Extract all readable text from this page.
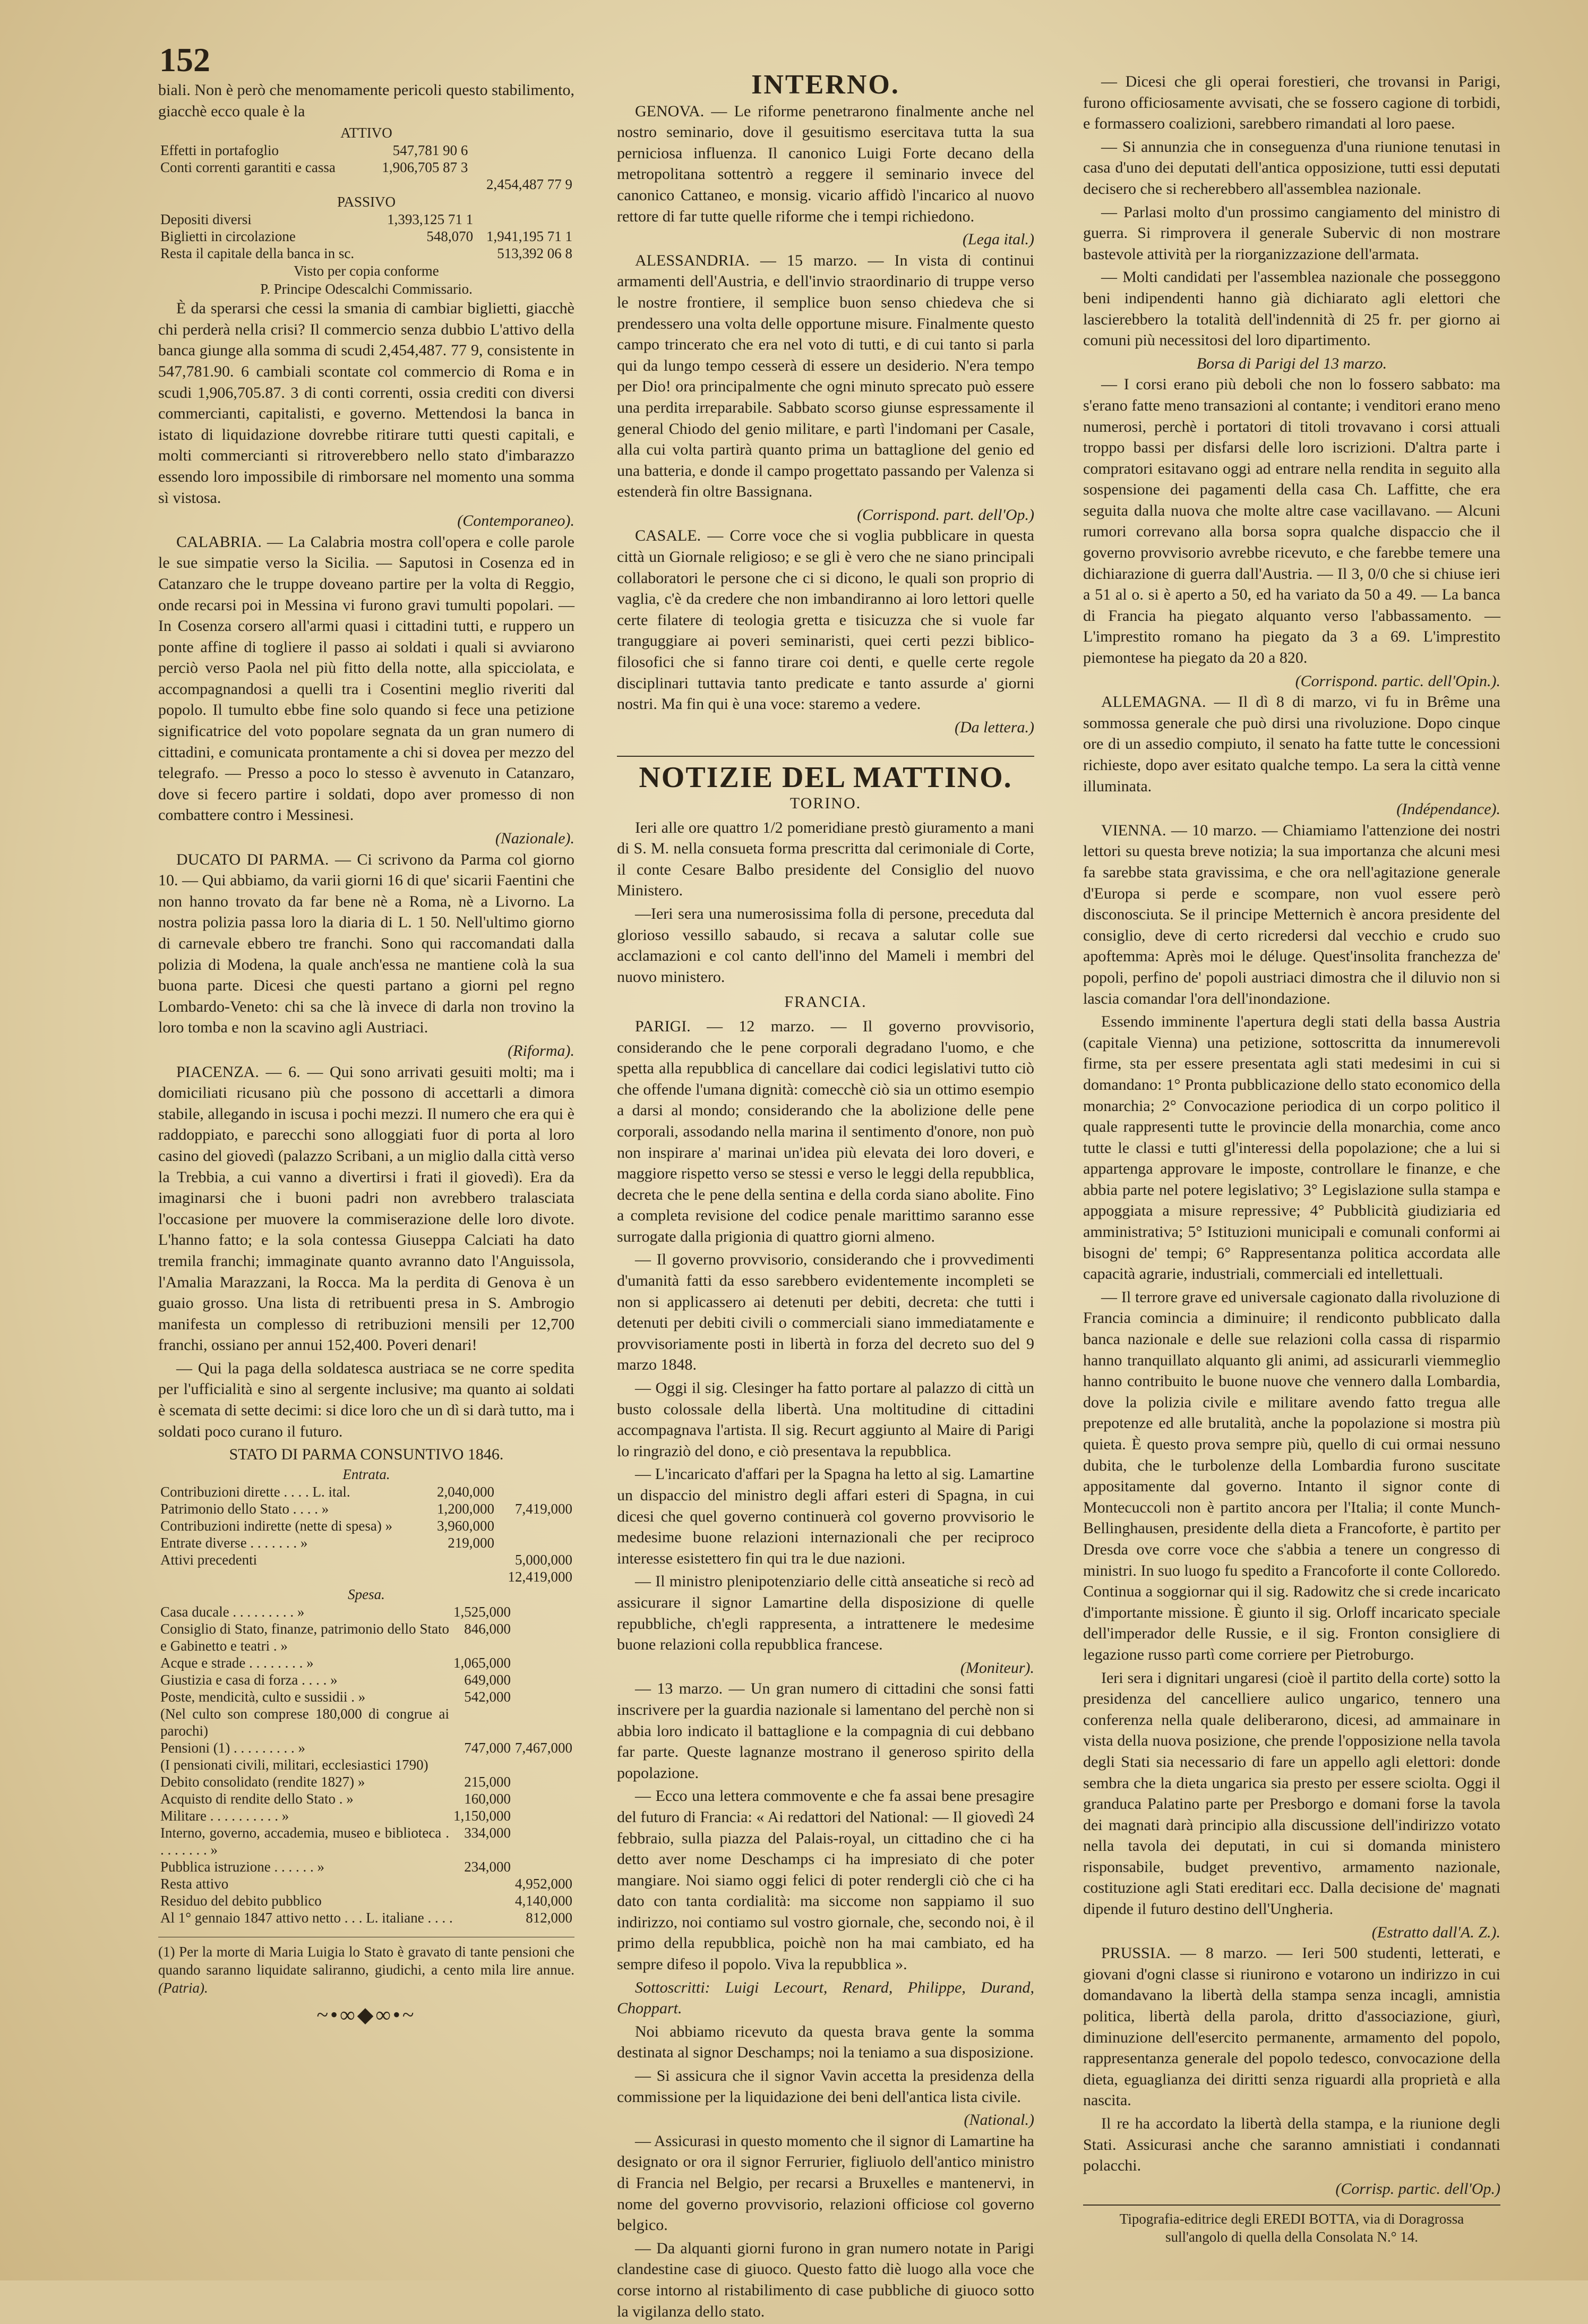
152

biali. Non è però che menomamente pericoli questo stabilimento, giacchè ecco quale è la

ATTIVO
Effetti in portafoglio	547,781 90 6	
Conti correnti garantiti e cassa	1,906,705 87 3	
		2,454,487 77 9
PASSIVO
Depositi diversi	1,393,125 71 1	
Biglietti in circolazione	548,070	1,941,195 71 1
Resta il capitale della banca in sc.		513,392 06 8
Visto per copia conforme
P. Principe Odescalchi Commissario.

È da sperarsi che cessi la smania di cambiar biglietti, giacchè chi perderà nella crisi? Il commercio senza dubbio L'attivo della banca giunge alla somma di scudi 2,454,487. 77 9, consistente in 547,781.90. 6 cambiali scontate col commercio di Roma e in scudi 1,906,705.87. 3 di conti correnti, ossia crediti con diversi commercianti, capitalisti, e governo. Mettendosi la banca in istato di liquidazione dovrebbe ritirare tutti questi capitali, e molti commercianti si ritroverebbero nello stato d'imbarazzo essendo loro impossibile di rimborsare nel momento una somma sì vistosa.

(Contemporaneo).

CALABRIA. — La Calabria mostra coll'opera e colle parole le sue simpatie verso la Sicilia. — Saputosi in Cosenza ed in Catanzaro che le truppe doveano partire per la volta di Reggio, onde recarsi poi in Messina vi furono gravi tumulti popolari. — In Cosenza corsero all'armi quasi i cittadini tutti, e ruppero un ponte affine di togliere il passo ai soldati i quali si avviarono perciò verso Paola nel più fitto della notte, alla spicciolata, e accompagnandosi a quelli tra i Cosentini meglio riveriti dal popolo. Il tumulto ebbe fine solo quando si fece una petizione significatrice del voto popolare segnata da un gran numero di cittadini, e comunicata prontamente a chi si dovea per mezzo del telegrafo. — Presso a poco lo stesso è avvenuto in Catanzaro, dove si fecero partire i soldati, dopo aver promesso di non combattere contro i Messinesi.

(Nazionale).

DUCATO DI PARMA. — Ci scrivono da Parma col giorno 10. — Qui abbiamo, da varii giorni 16 di que' sicarii Faentini che non hanno trovato da far bene nè a Roma, nè a Livorno. La nostra polizia passa loro la diaria di L. 1 50. Nell'ultimo giorno di carnevale ebbero tre franchi. Sono qui raccomandati dalla polizia di Modena, la quale anch'essa ne mantiene colà la sua buona parte. Dicesi che questi partano a giorni pel regno Lombardo-Veneto: chi sa che là invece di darla non trovino la loro tomba e non la scavino agli Austriaci.

(Riforma).

PIACENZA. — 6. — Qui sono arrivati gesuiti molti; ma i domiciliati ricusano più che possono di accettarli a dimora stabile, allegando in iscusa i pochi mezzi. Il numero che era qui è raddoppiato, e parecchi sono alloggiati fuor di porta al loro casino del giovedì (palazzo Scribani, a un miglio dalla città verso la Trebbia, a cui vanno a divertirsi i frati il giovedì). Era da imaginarsi che i buoni padri non avrebbero tralasciata l'occasione per muovere la commiserazione delle loro divote. L'hanno fatto; e la sola contessa Giuseppa Calciati ha dato tremila franchi; immaginate quanto avranno dato l'Anguissola, l'Amalia Marazzani, la Rocca. Ma la perdita di Genova è un guaio grosso. Una lista di retribuenti presa in S. Ambrogio manifesta un complesso di retribuzioni mensili per 12,700 franchi, ossiano per annui 152,400. Poveri denari!

— Qui la paga della soldatesca austriaca se ne corre spedita per l'ufficialità e sino al sergente inclusive; ma quanto ai soldati è scemata di sette decimi: si dice loro che un dì si darà tutto, ma i soldati poco curano il futuro.

STATO DI PARMA CONSUNTIVO 1846.
Entrata.
Contribuzioni dirette . . . . L. ital.	2,040,000	
Patrimonio dello Stato . . . . »	1,200,000	7,419,000
Contribuzioni indirette (nette di spesa) »	3,960,000	
Entrate diverse . . . . . . . »	219,000	
Attivi precedenti		5,000,000
		12,419,000
Spesa.
Casa ducale . . . . . . . . . »	1,525,000	
Consiglio di Stato, finanze, patrimonio dello Stato e Gabinetto e teatri . »	846,000	
Acque e strade . . . . . . . . »	1,065,000	
Giustizia e casa di forza . . . . »	649,000	
Poste, mendicità, culto e sussidii . »	542,000	
(Nel culto son comprese 180,000 di congrue ai parochi)		
Pensioni (1) . . . . . . . . . »	747,000	7,467,000
(I pensionati civili, militari, ecclesiastici 1790)		
Debito consolidato (rendite 1827) »	215,000	
Acquisto di rendite dello Stato . »	160,000	
Militare . . . . . . . . . . »	1,150,000	
Interno, governo, accademia, museo e biblioteca . . . . . . . . »	334,000	
Pubblica istruzione . . . . . . »	234,000	
Resta attivo		4,952,000
Residuo del debito pubblico		4,140,000
Al 1° gennaio 1847 attivo netto . . . L. italiane . . . .		812,000
(1) Per la morte di Maria Luigia lo Stato è gravato di tante pensioni che quando saranno liquidate saliranno, giudichi, a cento mila lire annue. (Patria).
~•∞◆∞•~
INTERNO.

GENOVA. — Le riforme penetrarono finalmente anche nel nostro seminario, dove il gesuitismo esercitava tutta la sua perniciosa influenza. Il canonico Luigi Forte decano della metropolitana sottentrò a reggere il seminario invece del canonico Cattaneo, e monsig. vicario affidò l'incarico al nuovo rettore di far tutte quelle riforme che i tempi richiedono.

(Lega ital.)

ALESSANDRIA. — 15 marzo. — In vista di continui armamenti dell'Austria, e dell'invio straordinario di truppe verso le nostre frontiere, il semplice buon senso chiedeva che si prendessero una volta delle opportune misure. Finalmente questo campo trincerato che era nel voto di tutti, e di cui tanto si parla qui da lungo tempo cesserà di essere un desiderio. N'era tempo per Dio! ora principalmente che ogni minuto sprecato può essere una perdita irreparabile. Sabbato scorso giunse espressamente il general Chiodo del genio militare, e partì l'indomani per Casale, alla cui volta partirà quanto prima un battaglione del genio ed una batteria, e donde il campo progettato passando per Valenza si estenderà fin oltre Bassignana.

(Corrispond. part. dell'Op.)

CASALE. — Corre voce che si voglia pubblicare in questa città un Giornale religioso; e se gli è vero che ne siano principali collaboratori le persone che ci si dicono, le quali son proprio di vaglia, c'è da credere che non imbandiranno ai loro lettori quelle certe filatere di teologia gretta e tisicuzza che si vuole far tranguggiare ai poveri seminaristi, quei certi pezzi biblico-filosofici che si fanno tirare coi denti, e quelle certe regole disciplinari tuttavia tanto predicate e tanto assurde a' giorni nostri. Ma fin qui è una voce: staremo a vedere.

(Da lettera.)
NOTIZIE DEL MATTINO.
TORINO.

Ieri alle ore quattro 1/2 pomeridiane prestò giuramento a mani di S. M. nella consueta forma prescritta dal cerimoniale di Corte, il conte Cesare Balbo presidente del Consiglio del nuovo Ministero.

—Ieri sera una numerosissima folla di persone, preceduta dal glorioso vessillo sabaudo, si recava a salutar colle sue acclamazioni e col canto dell'inno del Mameli i membri del nuovo ministero.

FRANCIA.

PARIGI. — 12 marzo. — Il governo provvisorio, considerando che le pene corporali degradano l'uomo, e che spetta alla repubblica di cancellare dai codici legislativi tutto ciò che offende l'umana dignità: comecchè ciò sia un ottimo esempio a darsi al mondo; considerando che la abolizione delle pene corporali, assodando nella marina il sentimento d'onore, non può non inspirare a' marinai un'idea più elevata dei loro doveri, e maggiore rispetto verso se stessi e verso le leggi della repubblica, decreta che le pene della sentina e della corda siano abolite. Fino a completa revisione del codice penale marittimo saranno esse surrogate dalla prigionia di quattro giorni almeno.

— Il governo provvisorio, considerando che i provvedimenti d'umanità fatti da esso sarebbero evidentemente incompleti se non si applicassero ai detenuti per debiti, decreta: che tutti i detenuti per debiti civili o commerciali siano immediatamente e provvisoriamente posti in libertà in forza del decreto suo del 9 marzo 1848.

— Oggi il sig. Clesinger ha fatto portare al palazzo di città un busto colossale della libertà. Una moltitudine di cittadini accompagnava l'artista. Il sig. Recurt aggiunto al Maire di Parigi lo ringraziò del dono, e ciò presentava la repubblica.

— L'incaricato d'affari per la Spagna ha letto al sig. Lamartine un dispaccio del ministro degli affari esteri di Spagna, in cui dicesi che quel governo continuerà col governo provvisorio le medesime buone relazioni internazionali che per reciproco interesse esistettero fin qui tra le due nazioni.

— Il ministro plenipotenziario delle città anseatiche si recò ad assicurare il signor Lamartine della disposizione di quelle repubbliche, ch'egli rappresenta, a intrattenere le medesime buone relazioni colla repubblica francese.

(Moniteur).

— 13 marzo. — Un gran numero di cittadini che sonsi fatti inscrivere per la guardia nazionale si lamentano del perchè non si abbia loro indicato il battaglione e la compagnia di cui debbano far parte. Queste lagnanze mostrano il generoso spirito della popolazione.

— Ecco una lettera commovente e che fa assai bene presagire del futuro di Francia: « Ai redattori del National: — Il giovedì 24 febbraio, sulla piazza del Palais-royal, un cittadino che ci ha detto aver nome Deschamps ci ha impresiato di che poter mangiare. Noi siamo oggi felici di poter rendergli ciò che ci ha dato con tanta cordialità: ma siccome non sappiamo il suo indirizzo, noi contiamo sul vostro giornale, che, secondo noi, è il primo della repubblica, poichè non ha mai cambiato, ed ha sempre difeso il popolo. Viva la repubblica ».

Sottoscritti: Luigi Lecourt, Renard, Philippe, Durand, Choppart.

Noi abbiamo ricevuto da questa brava gente la somma destinata al signor Deschamps; noi la teniamo a sua disposizione.

— Si assicura che il signor Vavin accetta la presidenza della commissione per la liquidazione dei beni dell'antica lista civile.

(National.)

— Assicurasi in questo momento che il signor di Lamartine ha designato or ora il signor Ferrurier, figliuolo dell'antico ministro di Francia nel Belgio, per recarsi a Bruxelles e mantenervi, in nome del governo provvisorio, relazioni officiose col governo belgico.

— Da alquanti giorni furono in gran numero notate in Parigi clandestine case di giuoco. Questo fatto diè luogo alla voce che corse intorno al ristabilimento di case pubbliche di giuoco sotto la vigilanza dello stato.

— Dicesi che gli operai forestieri, che trovansi in Parigi, furono officiosamente avvisati, che se fossero cagione di torbidi, e formassero coalizioni, sarebbero rimandati al loro paese.

— Si annunzia che in conseguenza d'una riunione tenutasi in casa d'uno dei deputati dell'antica opposizione, tutti essi deputati decisero che si recherebbero all'assemblea nazionale.

— Parlasi molto d'un prossimo cangiamento del ministro di guerra. Si rimprovera il generale Subervic di non mostrare bastevole attività per la riorganizzazione dell'armata.

— Molti candidati per l'assemblea nazionale che posseggono beni indipendenti hanno già dichiarato agli elettori che lascierebbero la totalità dell'indennità di 25 fr. per giorno ai comuni più necessitosi del loro dipartimento.

Borsa di Parigi del 13 marzo.

— I corsi erano più deboli che non lo fossero sabbato: ma s'erano fatte meno transazioni al contante; i venditori erano meno numerosi, perchè i portatori di titoli trovavano i corsi attuali troppo bassi per disfarsi delle loro iscrizioni. D'altra parte i compratori esitavano oggi ad entrare nella rendita in seguito alla sospensione dei pagamenti della casa Ch. Laffitte, che era seguita dalla nuova che molte altre case vacillavano. — Alcuni rumori correvano alla borsa sopra qualche dispaccio che il governo provvisorio avrebbe ricevuto, e che farebbe temere una dichiarazione di guerra dall'Austria. — Il 3, 0/0 che si chiuse ieri a 51 al o. si è aperto a 50, ed ha variato da 50 a 49. — La banca di Francia ha piegato alquanto verso l'abbassamento. — L'imprestito romano ha piegato da 3 a 69. L'imprestito piemontese ha piegato da 20 a 820.

(Corrispond. partic. dell'Opin.).

ALLEMAGNA. — Il dì 8 di marzo, vi fu in Brême una sommossa generale che può dirsi una rivoluzione. Dopo cinque ore di un assedio compiuto, il senato ha fatte tutte le concessioni richieste, dopo aver esitato qualche tempo. La sera la città venne illuminata.

(Indépendance).

VIENNA. — 10 marzo. — Chiamiamo l'attenzione dei nostri lettori su questa breve notizia; la sua importanza che alcuni mesi fa sarebbe stata gravissima, e che ora nell'agitazione generale d'Europa si perde e scompare, non vuol essere però disconosciuta. Se il principe Metternich è ancora presidente del consiglio, deve di certo ricredersi dal vecchio e crudo suo apoftemma: Après moi le déluge. Quest'insolita franchezza de' popoli, perfino de' popoli austriaci dimostra che il diluvio non si lascia comandar l'ora dell'inondazione.

Essendo imminente l'apertura degli stati della bassa Austria (capitale Vienna) una petizione, sottoscritta da innumerevoli firme, sta per essere presentata agli stati medesimi in cui si domandano: 1° Pronta pubblicazione dello stato economico della monarchia; 2° Convocazione periodica di un corpo politico il quale rappresenti tutte le provincie della monarchia, come anco tutte le classi e tutti gl'interessi della popolazione; che a lui si appartenga approvare le imposte, controllare le finanze, e che abbia parte nel potere legislativo; 3° Legislazione sulla stampa e appoggiata a misure repressive; 4° Pubblicità giudiziaria ed amministrativa; 5° Istituzioni municipali e comunali conformi ai bisogni de' tempi; 6° Rappresentanza politica accordata alle capacità agrarie, industriali, commerciali ed intellettuali.

— Il terrore grave ed universale cagionato dalla rivoluzione di Francia comincia a diminuire; il rendiconto pubblicato dalla banca nazionale e delle sue relazioni colla cassa di risparmio hanno tranquillato alquanto gli animi, ad assicurarli viemmeglio hanno contribuito le buone nuove che vennero dalla Lombardia, dove la polizia civile e militare avendo fatto tregua alle prepotenze ed alle brutalità, anche la popolazione si mostra più quieta. È questo prova sempre più, quello di cui ormai nessuno dubita, che le turbolenze della Lombardia furono suscitate appositamente dal governo. Intanto il signor conte di Montecuccoli non è partito ancora per l'Italia; il conte Munch-Bellinghausen, presidente della dieta a Francoforte, è partito per Dresda ove corre voce che s'abbia a tenere un congresso di ministri. In suo luogo fu spedito a Francoforte il conte Colloredo. Continua a soggiornar qui il sig. Radowitz che si crede incaricato d'importante missione. È giunto il sig. Orloff incaricato speciale dell'imperador delle Russie, e il sig. Fronton consigliere di legazione russo partì come corriere per Pietroburgo.

Ieri sera i dignitari ungaresi (cioè il partito della corte) sotto la presidenza del cancelliere aulico ungarico, tennero una conferenza nella quale deliberarono, dicesi, ad ammainare in vista della nuova posizione, che prende l'opposizione nella tavola degli Stati sia necessario di fare un appello agli elettori: donde sembra che la dieta ungarica sia presto per essere sciolta. Oggi il granduca Palatino parte per Presborgo e domani forse la tavola dei magnati darà principio alla discussione dell'indirizzo votato nella tavola dei deputati, in cui si domanda ministero risponsabile, budget preventivo, armamento nazionale, costituzione agli Stati ereditari ecc. Dalla decisione de' magnati dipende il futuro destino dell'Ungheria.

(Estratto dall'A. Z.).

PRUSSIA. — 8 marzo. — Ieri 500 studenti, letterati, e giovani d'ogni classe si riunirono e votarono un indirizzo in cui domandavano la libertà della stampa senza incagli, amnistia politica, libertà della parola, dritto d'associazione, giurì, diminuzione dell'esercito permanente, armamento del popolo, rappresentanza generale del popolo tedesco, convocazione della dieta, eguaglianza dei diritti senza riguardi alla proprietà e alla nascita.

Il re ha accordato la libertà della stampa, e la riunione degli Stati. Assicurasi anche che saranno amnistiati i condannati polacchi.

(Corrisp. partic. dell'Op.)
Tipografia-editrice degli EREDI BOTTA, via di Doragrossa
sull'angolo di quella della Consolata N.° 14.
